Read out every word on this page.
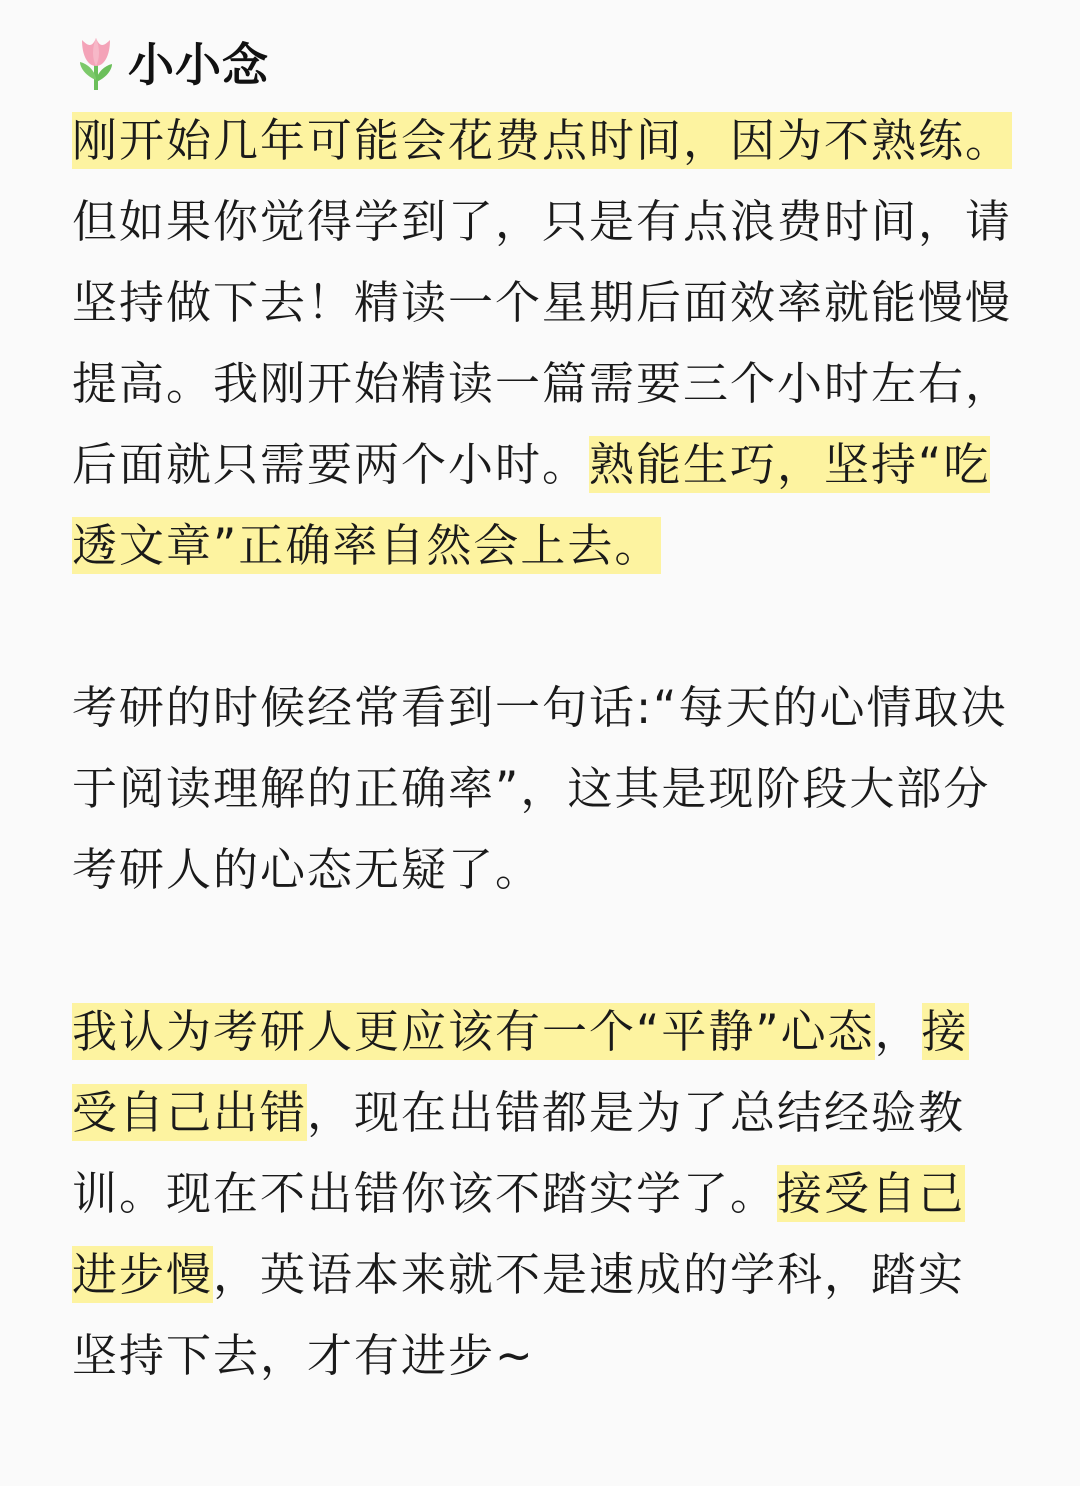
小小念
刚开始几年可能会花费点时间，因为不熟练。但如果你觉得学到了，只是有点浪费时间，请坚持做下去！精读一个星期后面效率就能慢慢提高。我刚开始精读一篇需要三个小时左右，后面就只需要两个小时。熟能生巧，坚持“吃透文章”正确率自然会上去。
考研的时候经常看到一句话:“每天的心情取决于阅读理解的正确率”，这其是现阶段大部分考研人的心态无疑了。
我认为考研人更应该有一个“平静”心态，接受自己出错，现在出错都是为了总结经验教训。现在不出错你该不踏实学了。接受自己进步慢，英语本来就不是速成的学科，踏实坚持下去，才有进步~
